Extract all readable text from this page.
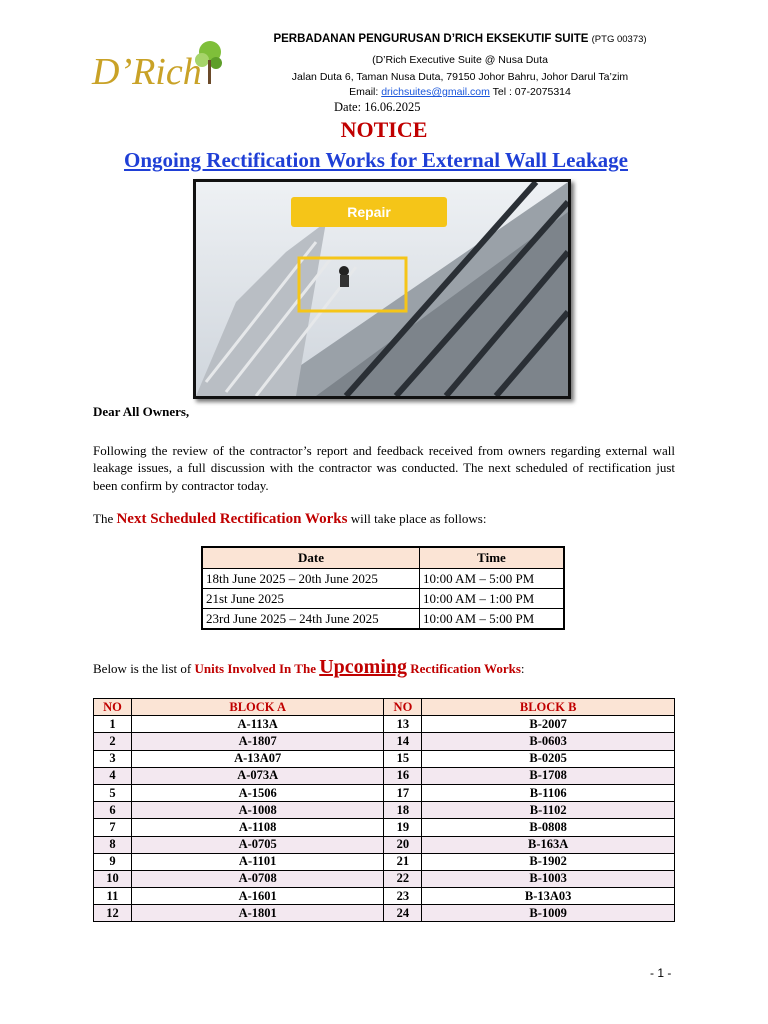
D’Rich
PERBADANAN PENGURUSAN D’RICH EKSEKUTIF SUITE (PTG 00373)
(D’Rich Executive Suite @ Nusa Duta
Jalan Duta 6, Taman Nusa Duta, 79150 Johor Bahru, Johor Darul Ta’zim
Email: drichsuites@gmail.com Tel : 07-2075314
Date: 16.06.2025
NOTICE
Ongoing Rectification Works for External Wall Leakage
Repair
Dear All Owners,
Following the review of the contractor’s report and feedback received from owners regarding external wall leakage issues, a full discussion with the contractor was conducted. The next scheduled of rectification just been confirm by contractor today.
The Next Scheduled Rectification Works will take place as follows:
Date	Time
18th June 2025 – 20th June 2025	10:00 AM – 5:00 PM
21st June 2025	10:00 AM – 1:00 PM
23rd June 2025 – 24th June 2025	10:00 AM – 5:00 PM
Below is the list of Units Involved In The Upcoming Rectification Works:
NO	BLOCK A	NO	BLOCK B
1	A-113A	13	B-2007
2	A-1807	14	B-0603
3	A-13A07	15	B-0205
4	A-073A	16	B-1708
5	A-1506	17	B-1106
6	A-1008	18	B-1102
7	A-1108	19	B-0808
8	A-0705	20	B-163A
9	A-1101	21	B-1902
10	A-0708	22	B-1003
11	A-1601	23	B-13A03
12	A-1801	24	B-1009
- 1 -
